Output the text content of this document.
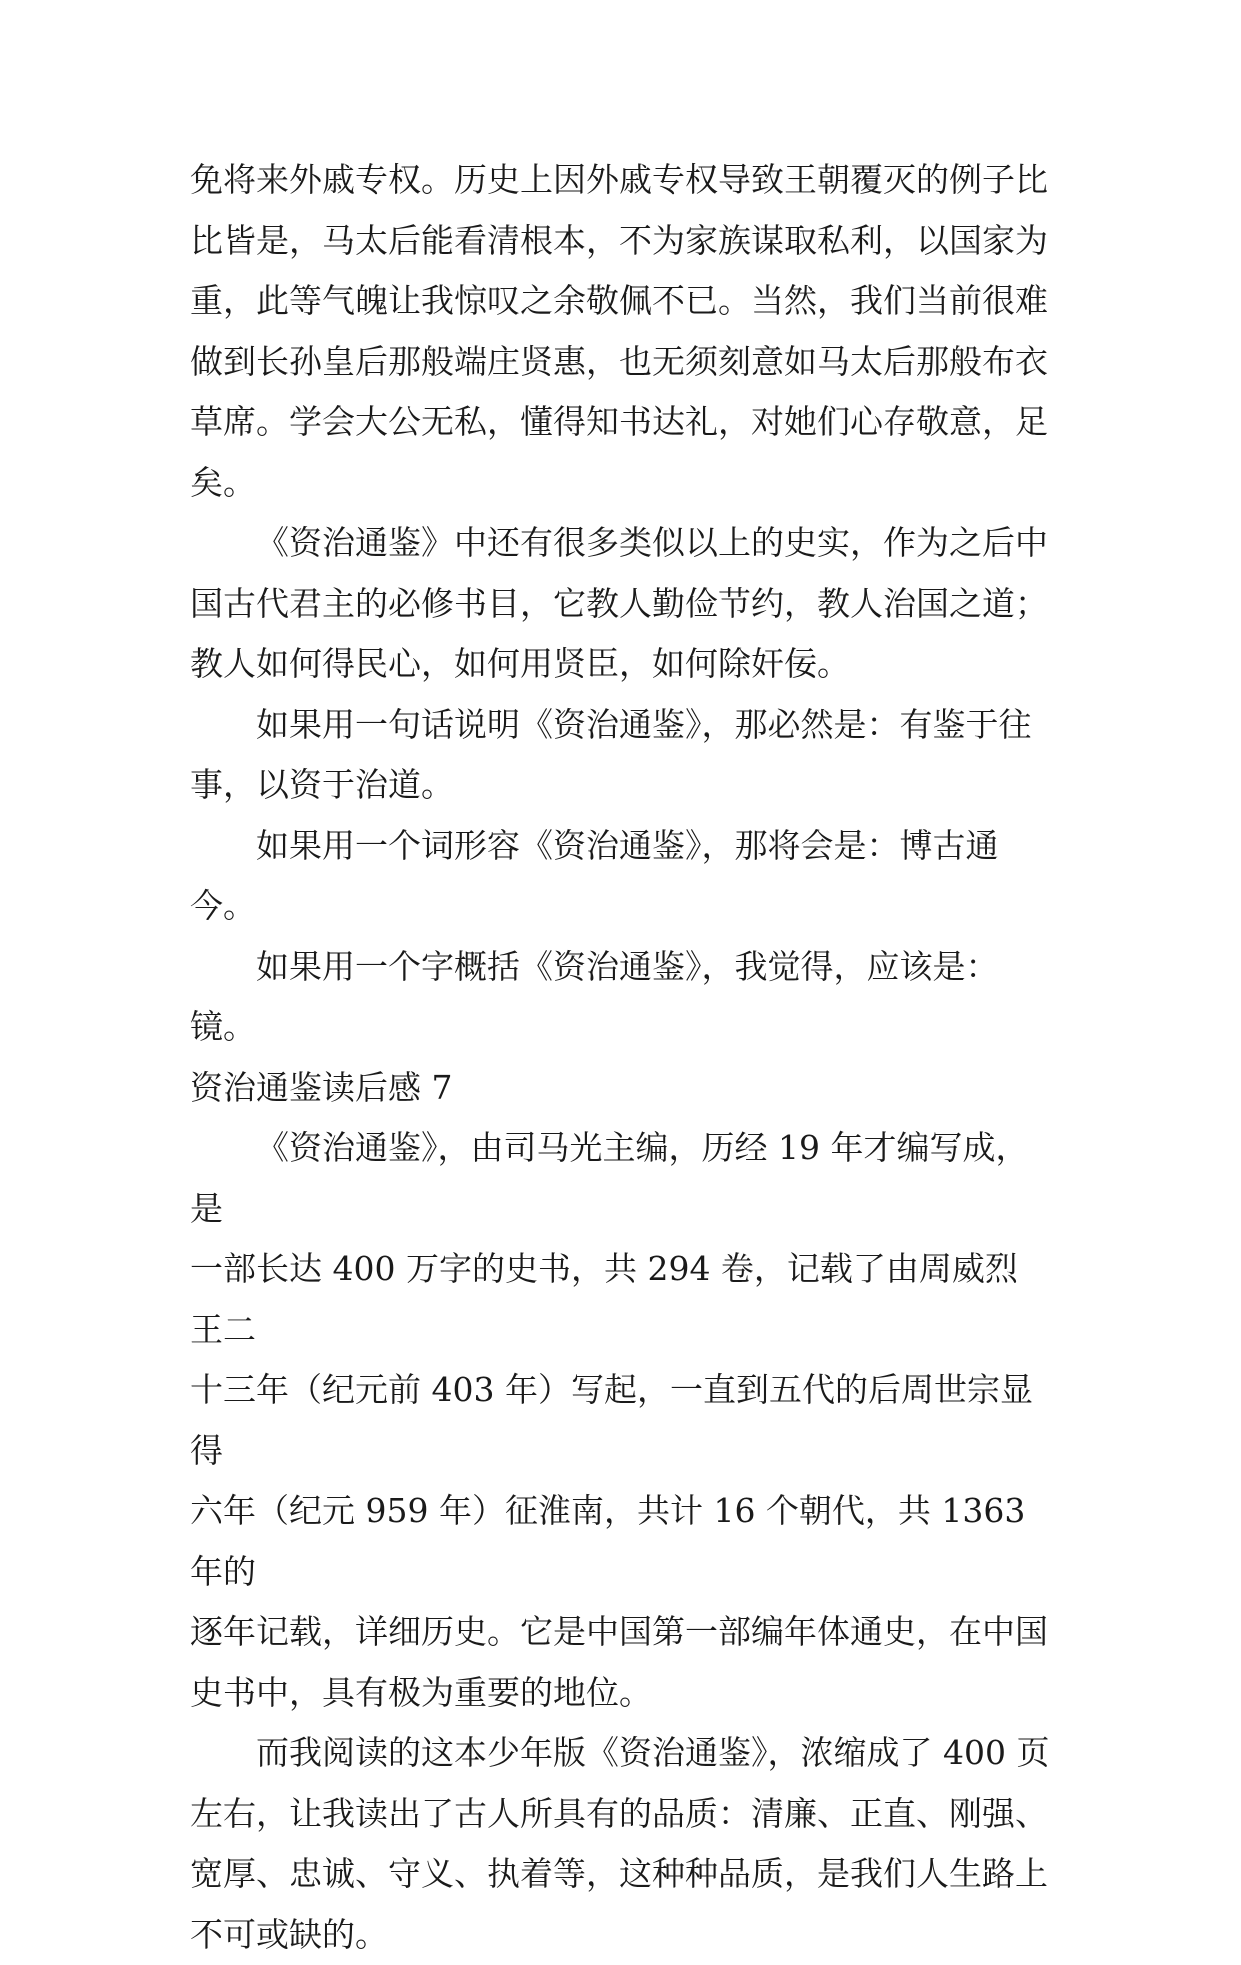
免将来外戚专权。历史上因外戚专权导致王朝覆灭的例子比
比皆是，马太后能看清根本，不为家族谋取私利，以国家为
重，此等气魄让我惊叹之余敬佩不已。当然，我们当前很难
做到长孙皇后那般端庄贤惠，也无须刻意如马太后那般布衣
草席。学会大公无私，懂得知书达礼，对她们心存敬意，足
矣。
《资治通鉴》中还有很多类似以上的史实，作为之后中
国古代君主的必修书目，它教人勤俭节约，教人治国之道；
教人如何得民心，如何用贤臣，如何除奸佞。
如果用一句话说明《资治通鉴》，那必然是：有鉴于往
事，以资于治道。
如果用一个词形容《资治通鉴》，那将会是：博古通今。
如果用一个字概括《资治通鉴》，我觉得，应该是：镜。
资治通鉴读后感 7
《资治通鉴》，由司马光主编，历经 19 年才编写成，是
一部长达 400 万字的史书，共 294 卷，记载了由周威烈王二
十三年（纪元前 403 年）写起，一直到五代的后周世宗显得
六年（纪元 959 年）征淮南，共计 16 个朝代，共 1363 年的
逐年记载，详细历史。它是中国第一部编年体通史，在中国
史书中，具有极为重要的地位。
而我阅读的这本少年版《资治通鉴》，浓缩成了 400 页
左右，让我读出了古人所具有的品质：清廉、正直、刚强、
宽厚、忠诚、守义、执着等，这种种品质，是我们人生路上
不可或缺的。
